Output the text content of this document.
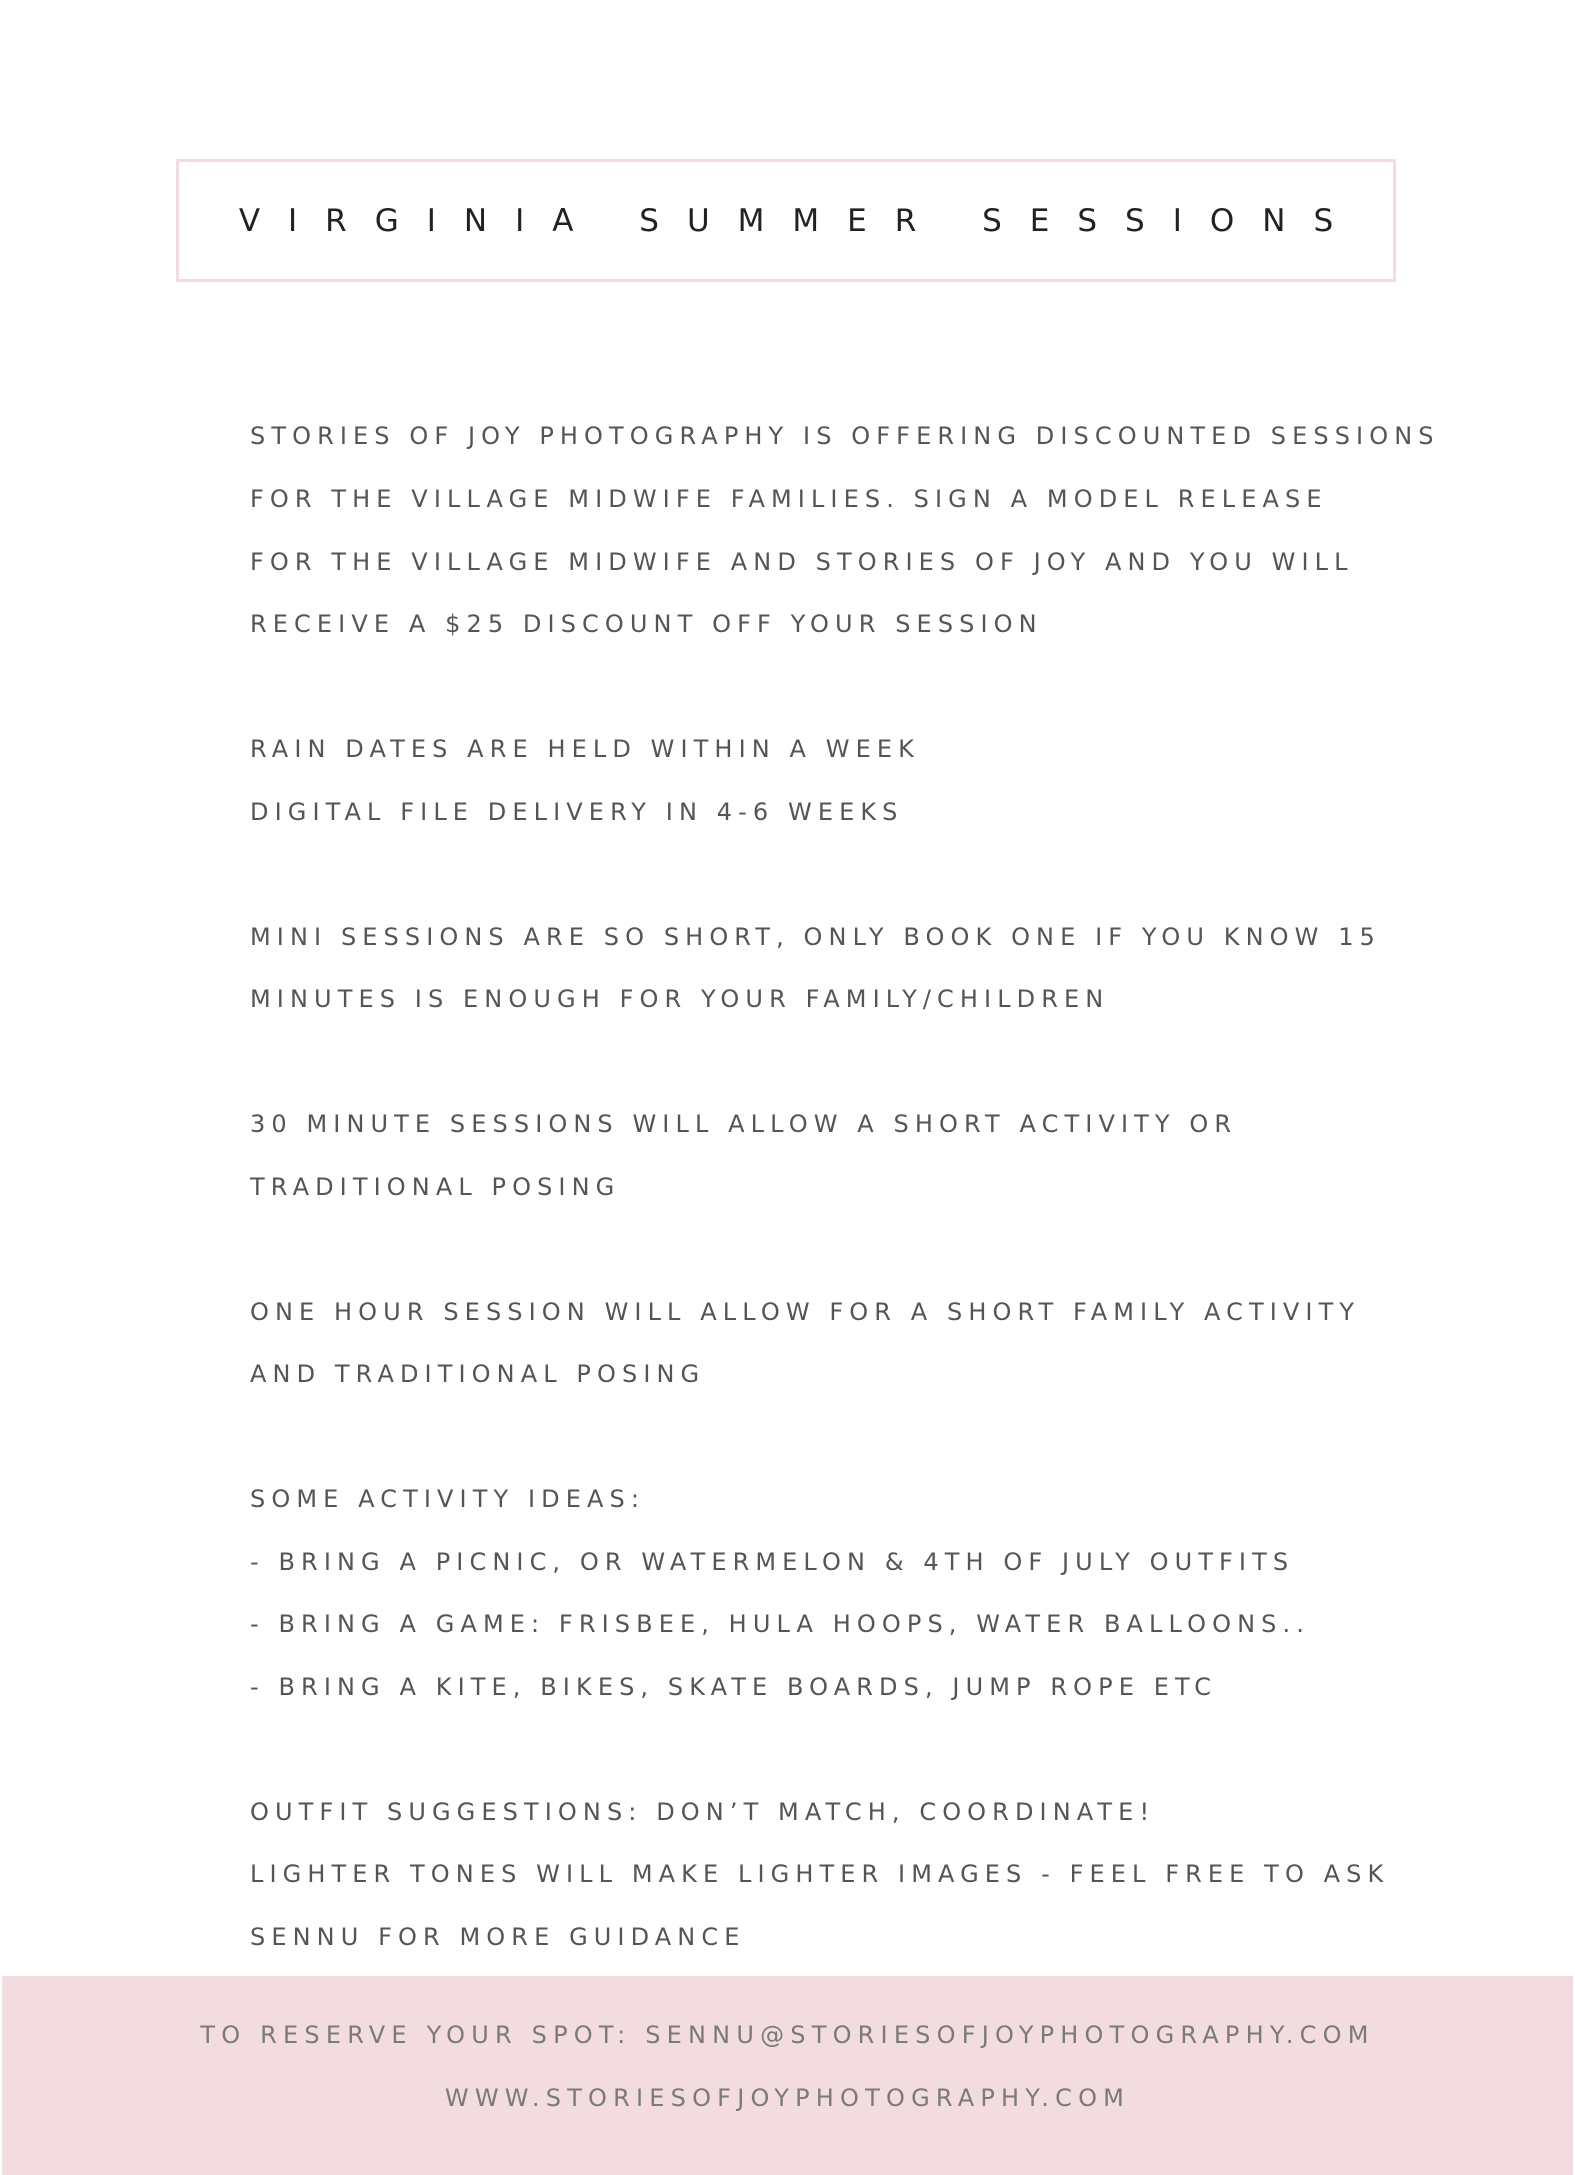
VIRGINIA SUMMER SESSIONS
STORIES OF JOY PHOTOGRAPHY IS OFFERING DISCOUNTED SESSIONS
FOR THE VILLAGE MIDWIFE FAMILIES. SIGN A MODEL RELEASE
FOR THE VILLAGE MIDWIFE AND STORIES OF JOY AND YOU WILL
RECEIVE A $25 DISCOUNT OFF YOUR SESSION
RAIN DATES ARE HELD WITHIN A WEEK
DIGITAL FILE DELIVERY IN 4-6 WEEKS
MINI SESSIONS ARE SO SHORT, ONLY BOOK ONE IF YOU KNOW 15
MINUTES IS ENOUGH FOR YOUR FAMILY/CHILDREN
30 MINUTE SESSIONS WILL ALLOW A SHORT ACTIVITY OR
TRADITIONAL POSING
ONE HOUR SESSION WILL ALLOW FOR A SHORT FAMILY ACTIVITY
AND TRADITIONAL POSING
SOME ACTIVITY IDEAS:
- BRING A PICNIC, OR WATERMELON & 4TH OF JULY OUTFITS
- BRING A GAME: FRISBEE, HULA HOOPS, WATER BALLOONS..
- BRING A KITE, BIKES, SKATE BOARDS, JUMP ROPE ETC
OUTFIT SUGGESTIONS: DON’T MATCH, COORDINATE!
LIGHTER TONES WILL MAKE LIGHTER IMAGES - FEEL FREE TO ASK
SENNU FOR MORE GUIDANCE
TO RESERVE YOUR SPOT: SENNU@STORIESOFJOYPHOTOGRAPHY.COM
WWW.STORIESOFJOYPHOTOGRAPHY.COM
